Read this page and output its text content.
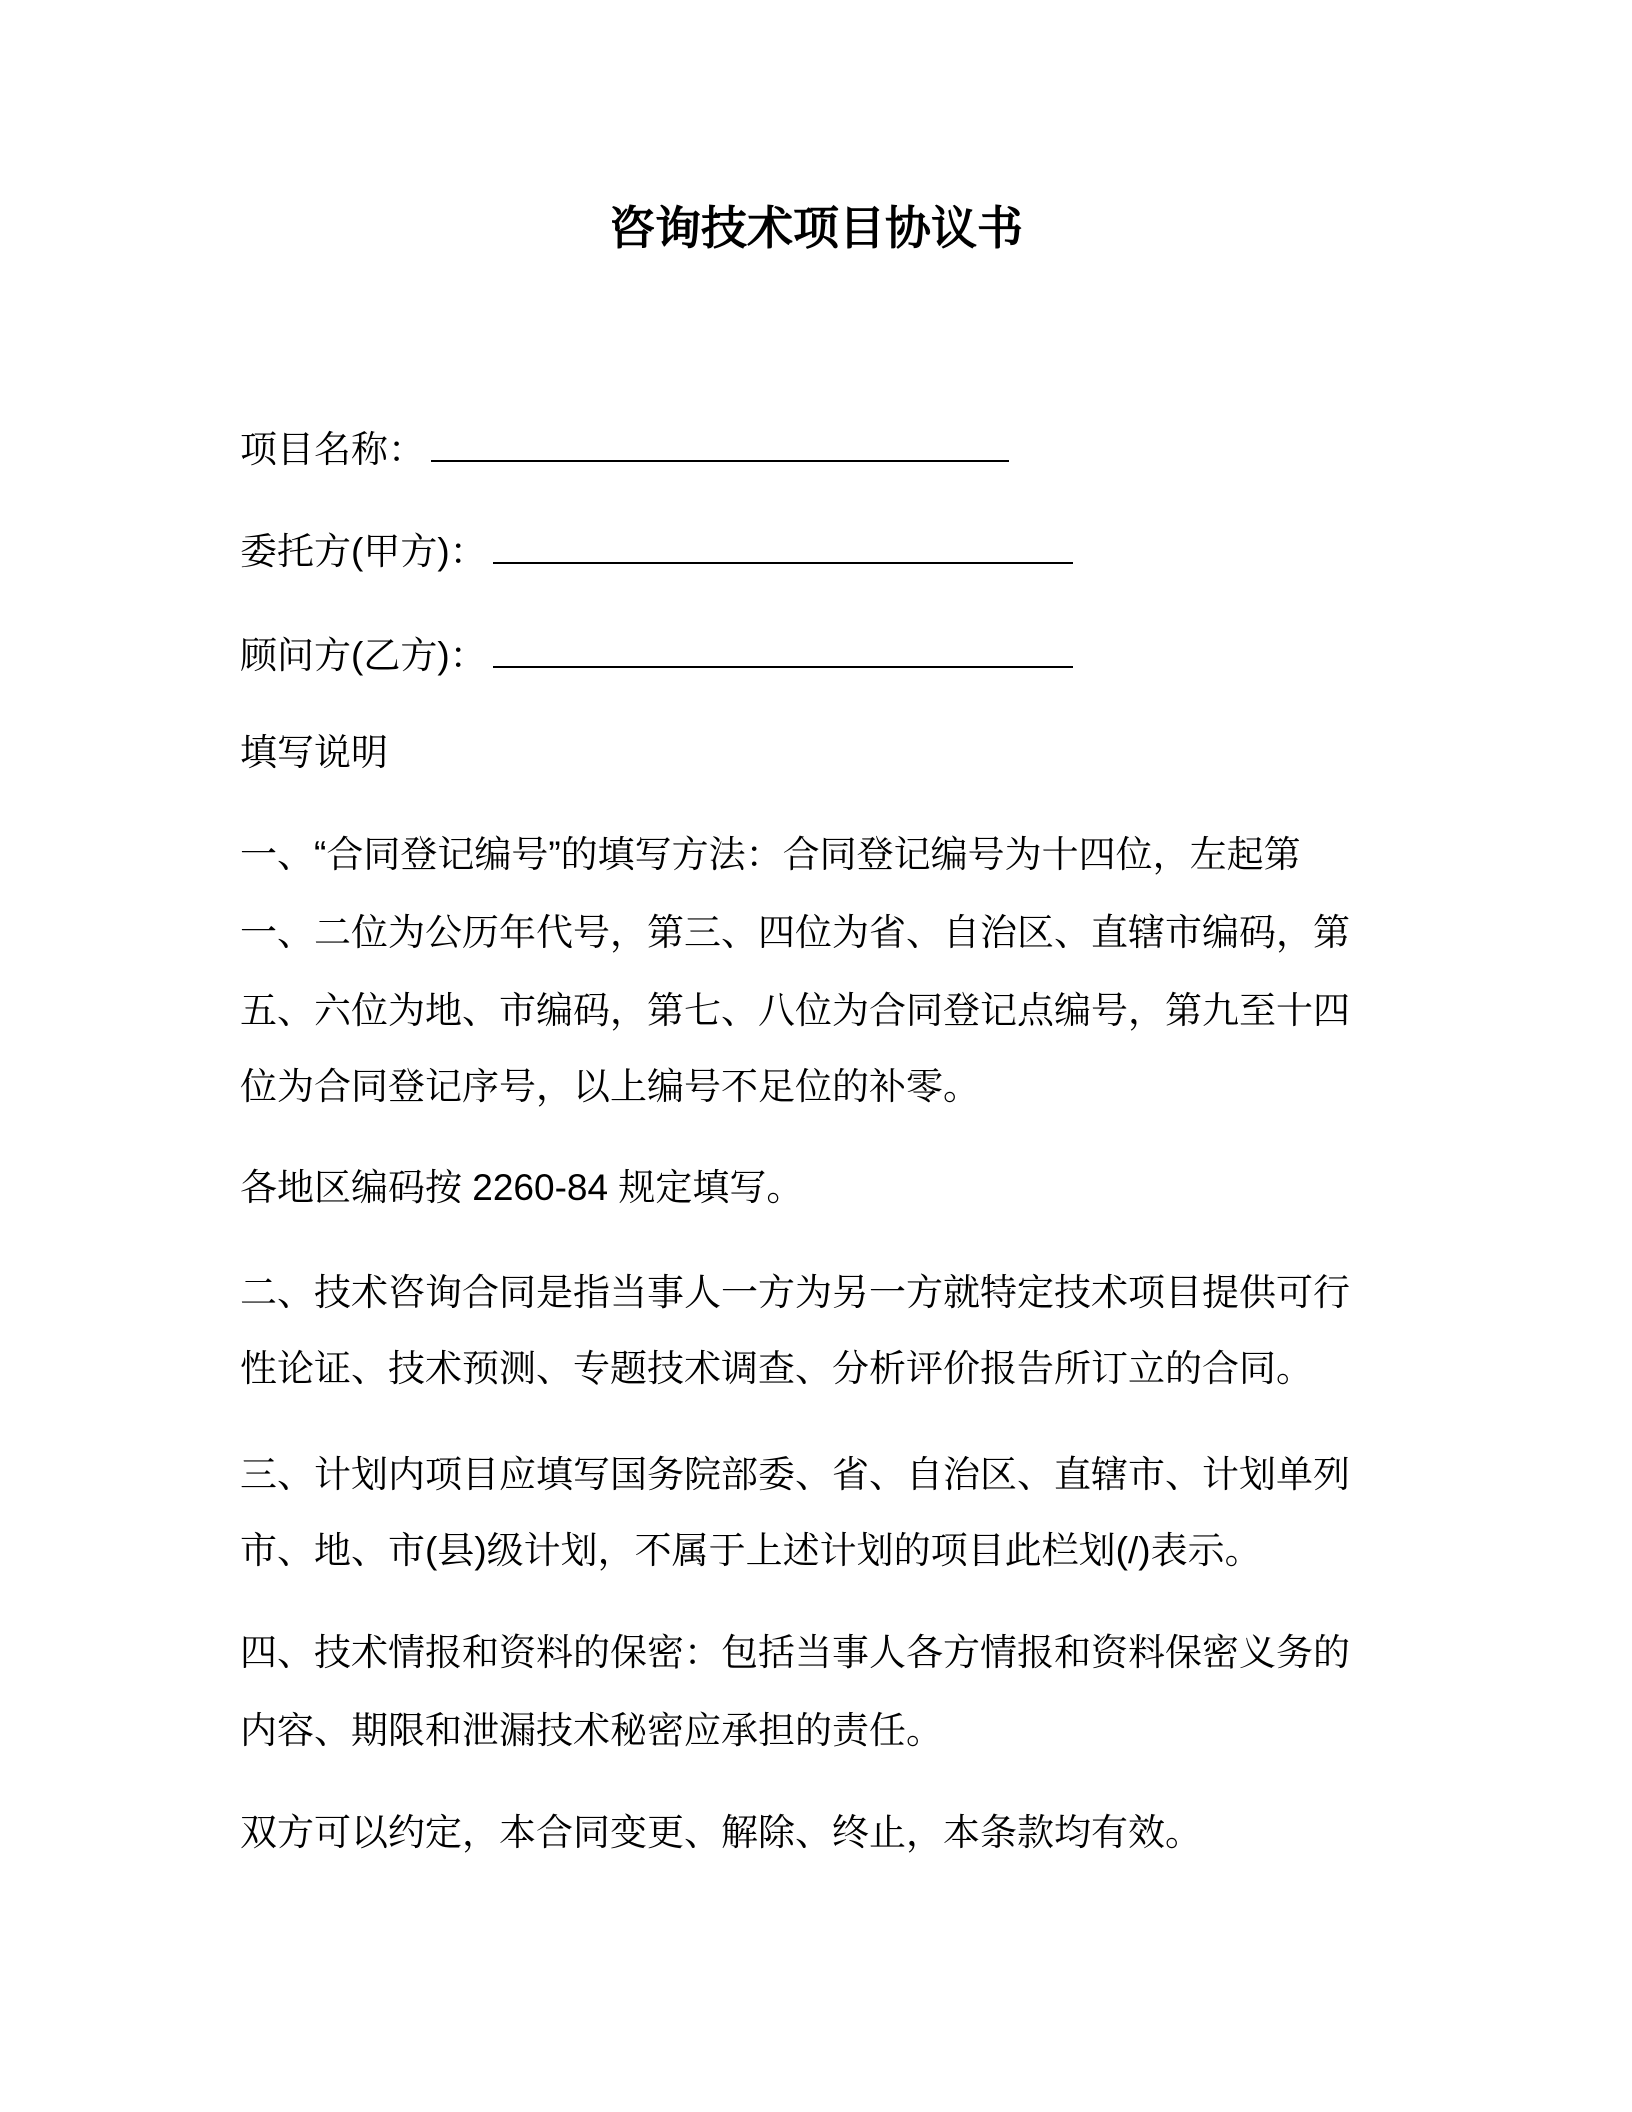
咨询技术项目协议书
项目名称：
委托方(甲方)：
顾问方(乙方)：
填写说明
一、“合同登记编号”的填写方法：合同登记编号为十四位，左起第
一、二位为公历年代号，第三、四位为省、自治区、直辖市编码，第
五、六位为地、市编码，第七、八位为合同登记点编号，第九至十四
位为合同登记序号，以上编号不足位的补零。
各地区编码按 2260-84 规定填写。
二、技术咨询合同是指当事人一方为另一方就特定技术项目提供可行
性论证、技术预测、专题技术调查、分析评价报告所订立的合同。
三、计划内项目应填写国务院部委、省、自治区、直辖市、计划单列
市、地、市(县)级计划，不属于上述计划的项目此栏划(/)表示。
四、技术情报和资料的保密：包括当事人各方情报和资料保密义务的
内容、期限和泄漏技术秘密应承担的责任。
双方可以约定，本合同变更、解除、终止，本条款均有效。
